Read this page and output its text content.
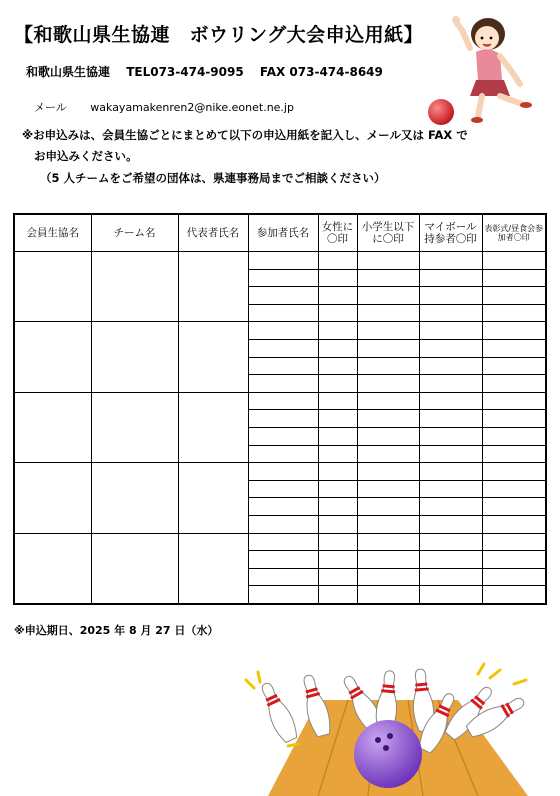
【和歌山県生協連　ボウリング大会申込用紙】
和歌山県生協連 TEL073-474-9095 FAX 073-474-8649
メール wakayamakenren2@nike.eonet.ne.jp
※お申込みは、会員生協ごとにまとめて以下の申込用紙を記入し、メール又は FAX で
お申込みください。
（5 人チームをご希望の団体は、県連事務局までご相談ください）
会員生協名	チーム名	代表者氏名	参加者氏名	女性に〇印	小学生以下に〇印	マイボール持参者〇印	表彰式/昼食会参加者〇印

※申込期日、2025 年 8 月 27 日（水）
